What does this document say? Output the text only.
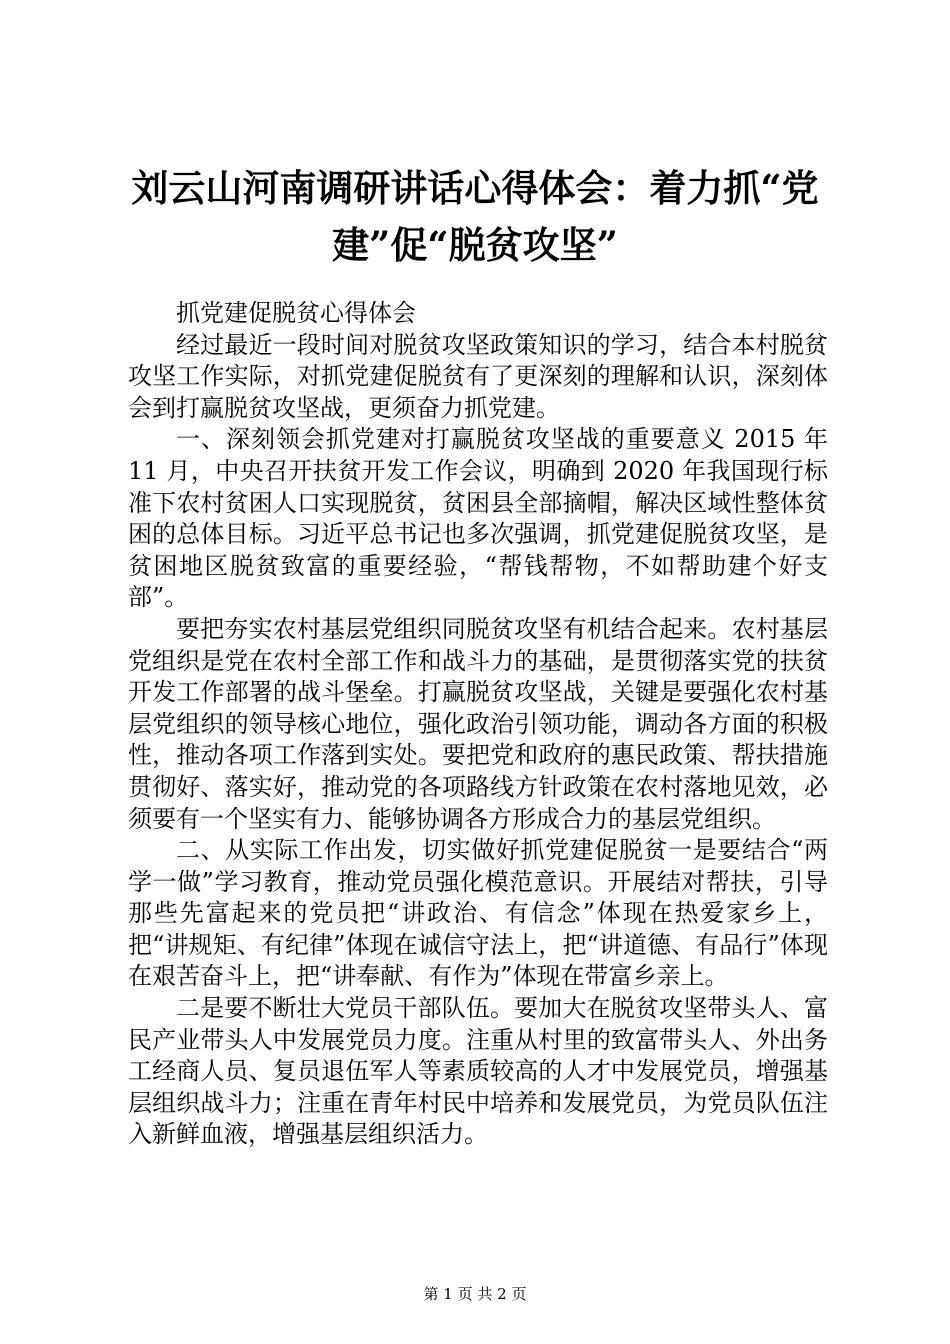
刘云山河南调研讲话心得体会：着力抓“党建”促“脱贫攻坚”

抓党建促脱贫心得体会

经过最近一段时间对脱贫攻坚政策知识的学习，结合本村脱贫攻坚工作实际，对抓党建促脱贫有了更深刻的理解和认识，深刻体会到打赢脱贫攻坚战，更须奋力抓党建。

一、深刻领会抓党建对打赢脱贫攻坚战的重要意义 2015 年 11 月，中央召开扶贫开发工作会议，明确到 2020 年我国现行标准下农村贫困人口实现脱贫，贫困县全部摘帽，解决区域性整体贫困的总体目标。习近平总书记也多次强调，抓党建促脱贫攻坚，是贫困地区脱贫致富的重要经验，“帮钱帮物，不如帮助建个好支部”。

要把夯实农村基层党组织同脱贫攻坚有机结合起来。农村基层党组织是党在农村全部工作和战斗力的基础，是贯彻落实党的扶贫开发工作部署的战斗堡垒。打赢脱贫攻坚战，关键是要强化农村基层党组织的领导核心地位，强化政治引领功能，调动各方面的积极性，推动各项工作落到实处。要把党和政府的惠民政策、帮扶措施贯彻好、落实好，推动党的各项路线方针政策在农村落地见效，必须要有一个坚实有力、能够协调各方形成合力的基层党组织。

二、从实际工作出发，切实做好抓党建促脱贫一是要结合“两学一做”学习教育，推动党员强化模范意识。开展结对帮扶，引导那些先富起来的党员把“讲政治、有信念”体现在热爱家乡上，把“讲规矩、有纪律”体现在诚信守法上，把“讲道德、有品行”体现在艰苦奋斗上，把“讲奉献、有作为”体现在带富乡亲上。

二是要不断壮大党员干部队伍。要加大在脱贫攻坚带头人、富民产业带头人中发展党员力度。注重从村里的致富带头人、外出务工经商人员、复员退伍军人等素质较高的人才中发展党员，增强基层组织战斗力；注重在青年村民中培养和发展党员，为党员队伍注入新鲜血液，增强基层组织活力。

第 1 页 共 2 页
